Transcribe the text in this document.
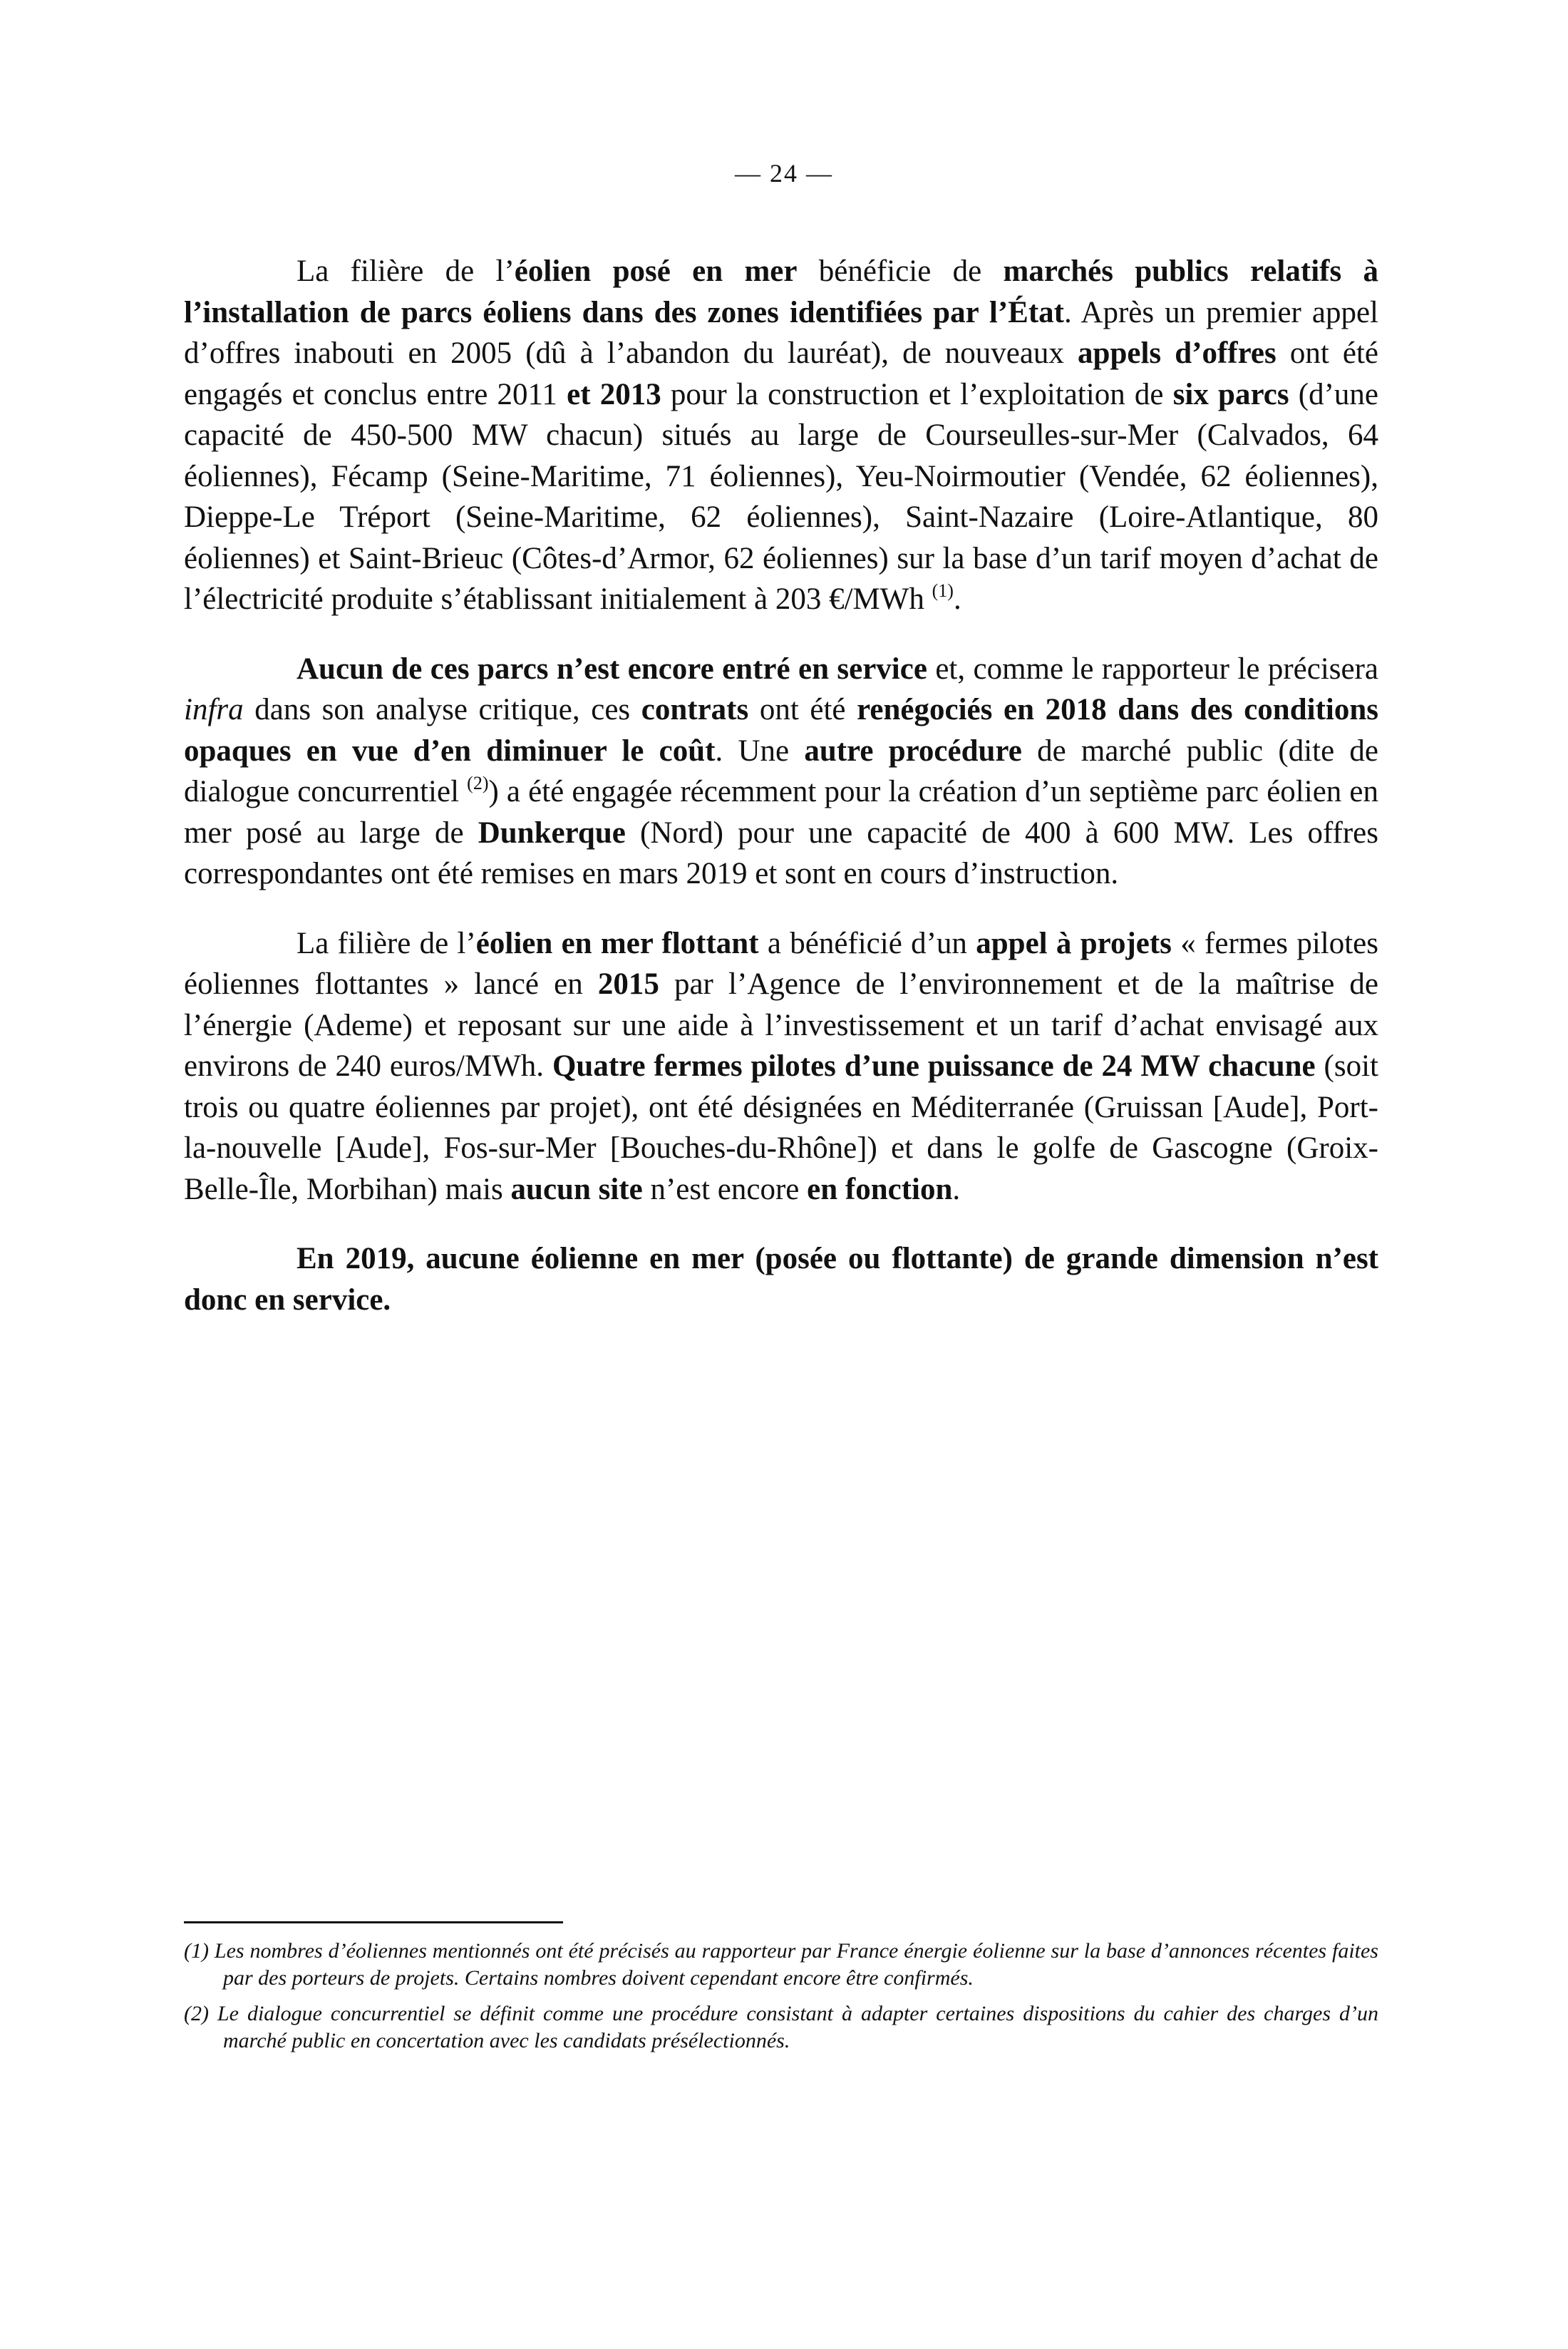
— 24 —

La filière de l’éolien posé en mer bénéficie de marchés publics relatifs à l’installation de parcs éoliens dans des zones identifiées par l’État. Après un premier appel d’offres inabouti en 2005 (dû à l’abandon du lauréat), de nouveaux appels d’offres ont été engagés et conclus entre 2011 et 2013 pour la construction et l’exploitation de six parcs (d’une capacité de 450-500 MW chacun) situés au large de Courseulles-sur-Mer (Calvados, 64 éoliennes), Fécamp (Seine-Maritime, 71 éoliennes), Yeu-Noirmoutier (Vendée, 62 éoliennes), Dieppe-Le Tréport (Seine-Maritime, 62 éoliennes), Saint-Nazaire (Loire-Atlantique, 80 éoliennes) et Saint-Brieuc (Côtes-d’Armor, 62 éoliennes) sur la base d’un tarif moyen d’achat de l’électricité produite s’établissant initialement à 203 €/MWh $^{(1)}$.

Aucun de ces parcs n’est encore entré en service et, comme le rapporteur le précisera infra dans son analyse critique, ces contrats ont été renégociés en 2018 dans des conditions opaques en vue d’en diminuer le coût. Une autre procédure de marché public (dite de dialogue concurrentiel $^{(2)}$) a été engagée récemment pour la création d’un septième parc éolien en mer posé au large de Dunkerque (Nord) pour une capacité de 400 à 600 MW. Les offres correspondantes ont été remises en mars 2019 et sont en cours d’instruction.

La filière de l’éolien en mer flottant a bénéficié d’un appel à projets « fermes pilotes éoliennes flottantes » lancé en 2015 par l’Agence de l’environnement et de la maîtrise de l’énergie (Ademe) et reposant sur une aide à l’investissement et un tarif d’achat envisagé aux environs de 240 euros/MWh. Quatre fermes pilotes d’une puissance de 24 MW chacune (soit trois ou quatre éoliennes par projet), ont été désignées en Méditerranée (Gruissan [Aude], Port-la-nouvelle [Aude], Fos-sur-Mer [Bouches-du-Rhône]) et dans le golfe de Gascogne (Groix-Belle-Île, Morbihan) mais aucun site n’est encore en fonction.

En 2019, aucune éolienne en mer (posée ou flottante) de grande dimension n’est donc en service.

(1) Les nombres d’éoliennes mentionnés ont été précisés au rapporteur par France énergie éolienne sur la base d’annonces récentes faites par des porteurs de projets. Certains nombres doivent cependant encore être confirmés.

(2) Le dialogue concurrentiel se définit comme une procédure consistant à adapter certaines dispositions du cahier des charges d’un marché public en concertation avec les candidats présélectionnés.
